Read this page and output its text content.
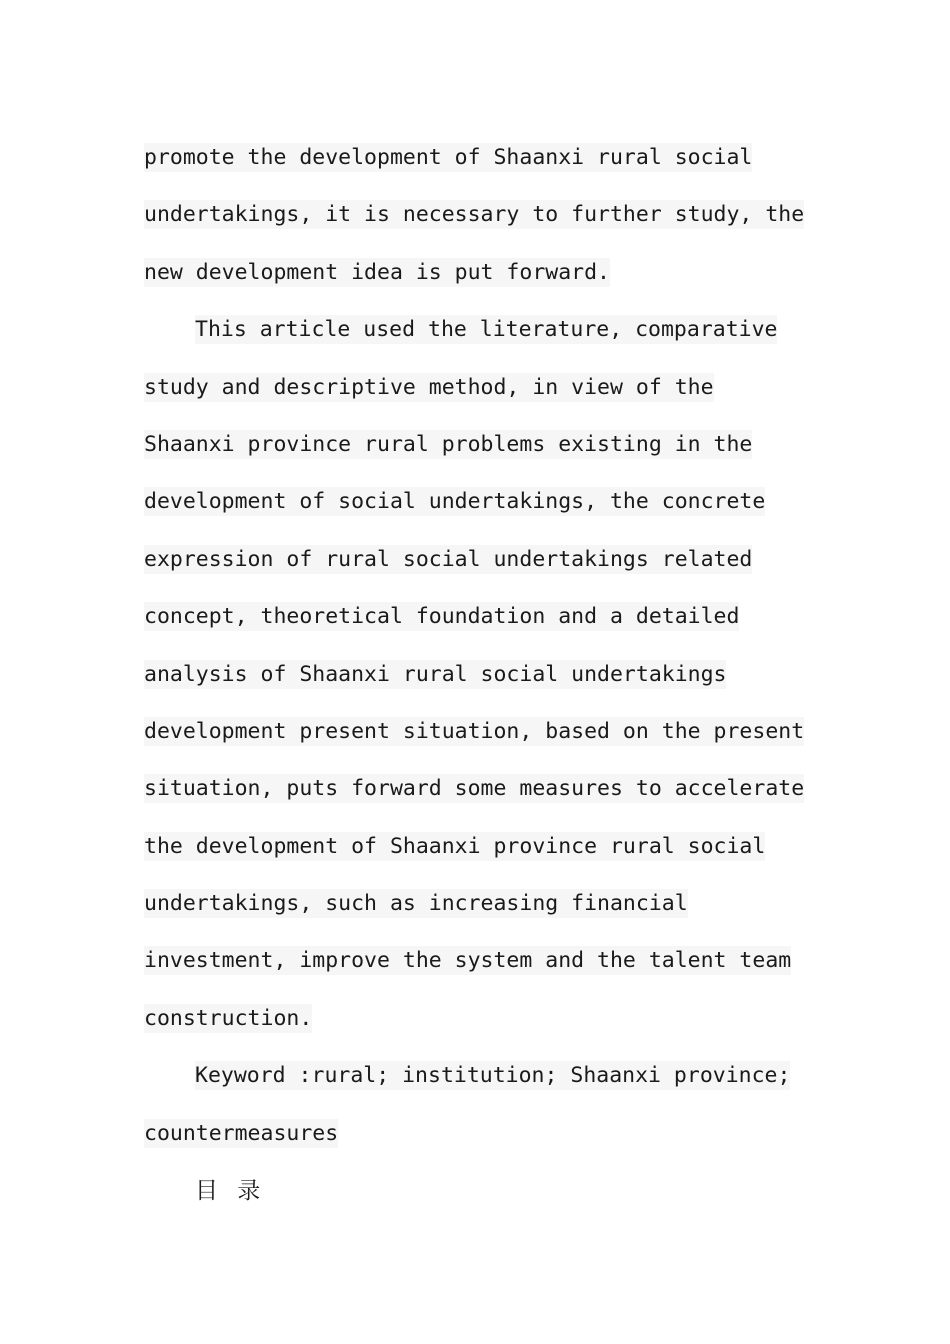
promote the development of Shaanxi rural social
undertakings, it is necessary to further study, the
new development idea is put forward.
This article used the literature, comparative
study and descriptive method, in view of the
Shaanxi province rural problems existing in the
development of social undertakings, the concrete
expression of rural social undertakings related
concept, theoretical foundation and a detailed
analysis of Shaanxi rural social undertakings
development present situation, based on the present
situation, puts forward some measures to accelerate
the development of Shaanxi province rural social
undertakings, such as increasing financial
investment, improve the system and the talent team
construction.
Keyword :rural; institution; Shaanxi province;
countermeasures
目 录
